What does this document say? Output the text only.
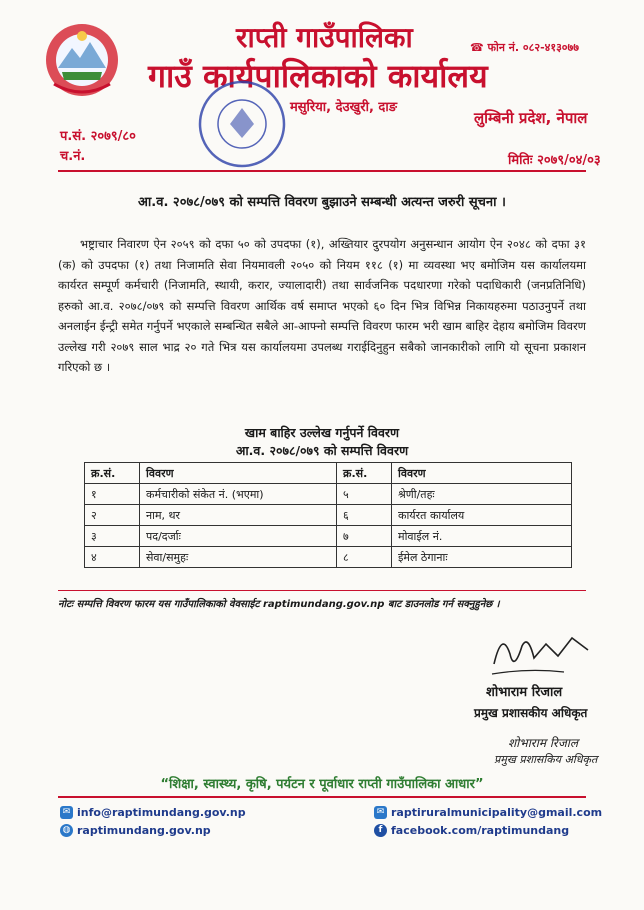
राप्ती गाउँपालिका
गाउँ कार्यपालिकाको कार्यालय
☎ फोन नं. ०८२-४१३०७७
मसुरिया, देउखुरी, दाङ
लुम्बिनी प्रदेश, नेपाल
प.सं. २०७९/८०
च.नं.	मितिः २०७९/०४/०३
आ.व. २०७८/०७९ को सम्पत्ति विवरण बुझाउने सम्बन्धी अत्यन्त जरुरी सूचना ।
भष्ट्राचार निवारण ऐन २०५९ को दफा ५० को उपदफा (१), अख्तियार दुरपयोग अनुसन्धान आयोग ऐन २०४८ को दफा ३१ (क) को उपदफा (१) तथा निजामति सेवा नियमावली २०५० को नियम ११८ (१) मा व्यवस्था भए बमोजिम यस कार्यालयमा कार्यरत सम्पूर्ण कर्मचारी (निजामति, स्थायी, करार, ज्यालादारी) तथा सार्वजनिक पदधारणा गरेको पदाधिकारी (जनप्रतिनिधि) हरुको आ.व. २०७८/०७९ को सम्पत्ति विवरण आर्थिक वर्ष समाप्त भएको ६० दिन भित्र विभिन्न निकायहरुमा पठाउनुपर्ने तथा अनलाईन ईन्ट्री समेत गर्नुपर्ने भएकाले सम्बन्धित सबैले आ-आफ्नो सम्पत्ति विवरण फारम भरी खाम बाहिर देहाय बमोजिम विवरण उल्लेख गरी २०७९ साल भाद्र २० गते भित्र यस कार्यालयमा उपलब्ध गराईदिनुहुन सबैको जानकारीको लागि यो सूचना प्रकाशन गरिएको छ ।
खाम बाहिर उल्लेख गर्नुपर्ने विवरण
आ.व. २०७८/०७९ को सम्पत्ति विवरण
क्र.सं.	विवरण	क्र.सं.	विवरण
१	कर्मचारीको संकेत नं. (भएमा)	५	श्रेणी/तहः
२	नाम, थर	६	कार्यरत कार्यालय
३	पद/दर्जाः	७	मोवाईल नं.
४	सेवा/समुहः	८	ईमेल ठेगानाः
नोटः सम्पत्ति विवरण फारम यस गाउँपालिकाको वेवसाईट raptimundang.gov.np बाट डाउनलोड गर्न सक्नुहुनेछ ।
शोभाराम रिजाल
प्रमुख प्रशासकीय अधिकृत
शोभाराम रिजाल
प्रमुख प्रशासकिय अधिकृत
“शिक्षा, स्वास्थ्य, कृषि, पर्यटन र पूर्वाधार राप्ती गाउँपालिका आधार”
✉ info@raptimundang.gov.np
◍ raptimundang.gov.np
✉ raptiruralmunicipality@gmail.com
f facebook.com/raptimundang
